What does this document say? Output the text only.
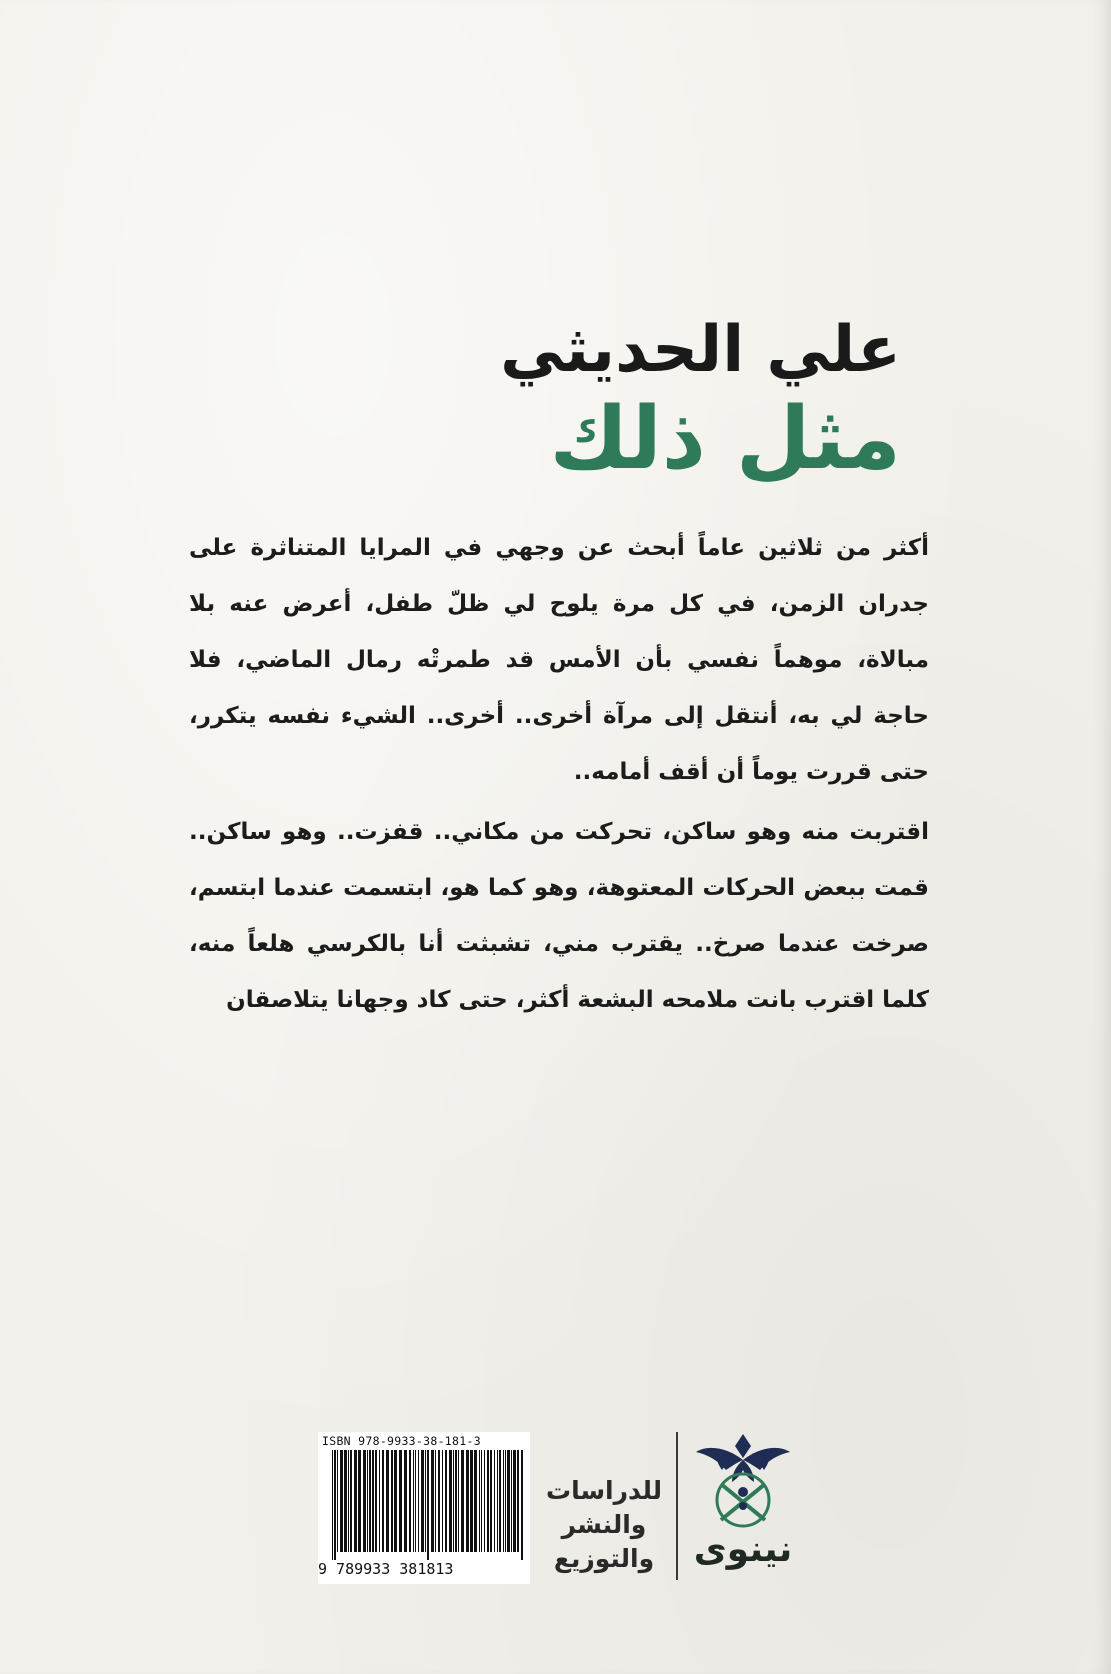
علي الحديثي
مثل ذلك

أكثر من ثلاثين عاماً أبحث عن وجهي في المرايا المتناثرة على جدران الزمن، في كل مرة يلوح لي ظلّ طفل، أعرض عنه بلا مبالاة، موهماً نفسي بأن الأمس قد طمرتْه رمال الماضي، فلا حاجة لي به، أنتقل إلى مرآة أخرى.. أخرى.. الشيء نفسه يتكرر، حتى قررت يوماً أن أقف أمامه..

اقتربت منه وهو ساكن، تحركت من مكاني.. قفزت.. وهو ساكن.. قمت ببعض الحركات المعتوهة، وهو كما هو، ابتسمت عندما ابتسم، صرخت عندما صرخ.. يقترب مني، تشبثت أنا بالكرسي هلعاً منه، كلما اقترب بانت ملامحه البشعة أكثر، حتى كاد وجهانا يتلاصقان

ISBN 978-9933-38-181-3
9 789933 381813
للدراسات
والنشر
والتوزيع	نينوى
